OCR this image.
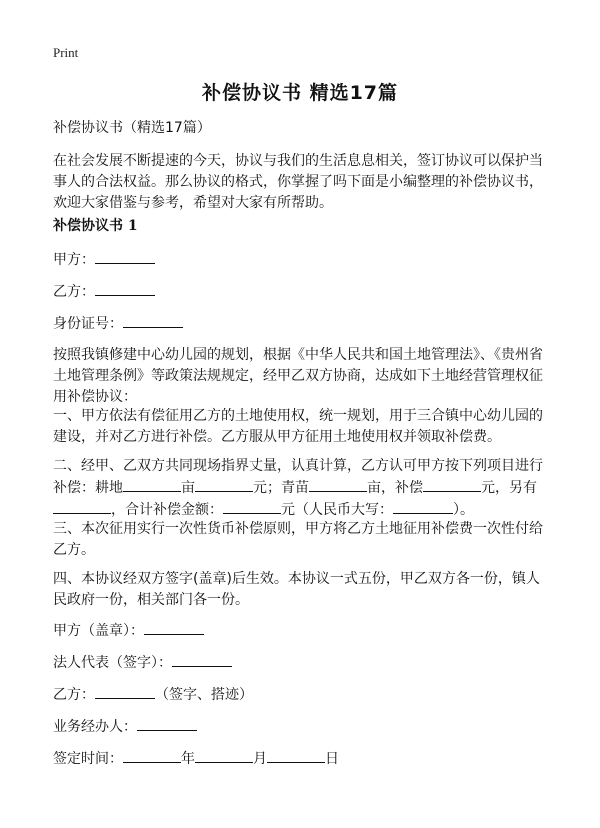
Print
补偿协议书 精选17篇

补偿协议书（精选17篇）

在社会发展不断提速的今天，协议与我们的生活息息相关，签订协议可以保护当事人的合法权益。那么协议的格式，你掌握了吗下面是小编整理的补偿协议书，欢迎大家借鉴与参考，希望对大家有所帮助。

补偿协议书 1

甲方：

乙方：

身份证号：

按照我镇修建中心幼儿园的规划，根据《中华人民共和国土地管理法》、《贵州省土地管理条例》等政策法规规定，经甲乙双方协商，达成如下土地经营管理权征用补偿协议：

一、甲方依法有偿征用乙方的土地使用权，统一规划，用于三合镇中心幼儿园的建设，并对乙方进行补偿。乙方服从甲方征用土地使用权并领取补偿费。

二、经甲、乙双方共同现场指界丈量，认真计算，乙方认可甲方按下列项目进行补偿：耕地	亩	元；青苗	亩，补偿	元，另有，合计补偿金额：	元（人民币大写：	）。

三、本次征用实行一次性货币补偿原则，甲方将乙方土地征用补偿费一次性付给乙方。

四、本协议经双方签字(盖章)后生效。本协议一式五份，甲乙双方各一份，镇人民政府一份，相关部门各一份。

甲方（盖章）：

法人代表（签字）：

乙方：	（签字、搭迹）

业务经办人：

签定时间：	年	月	日
